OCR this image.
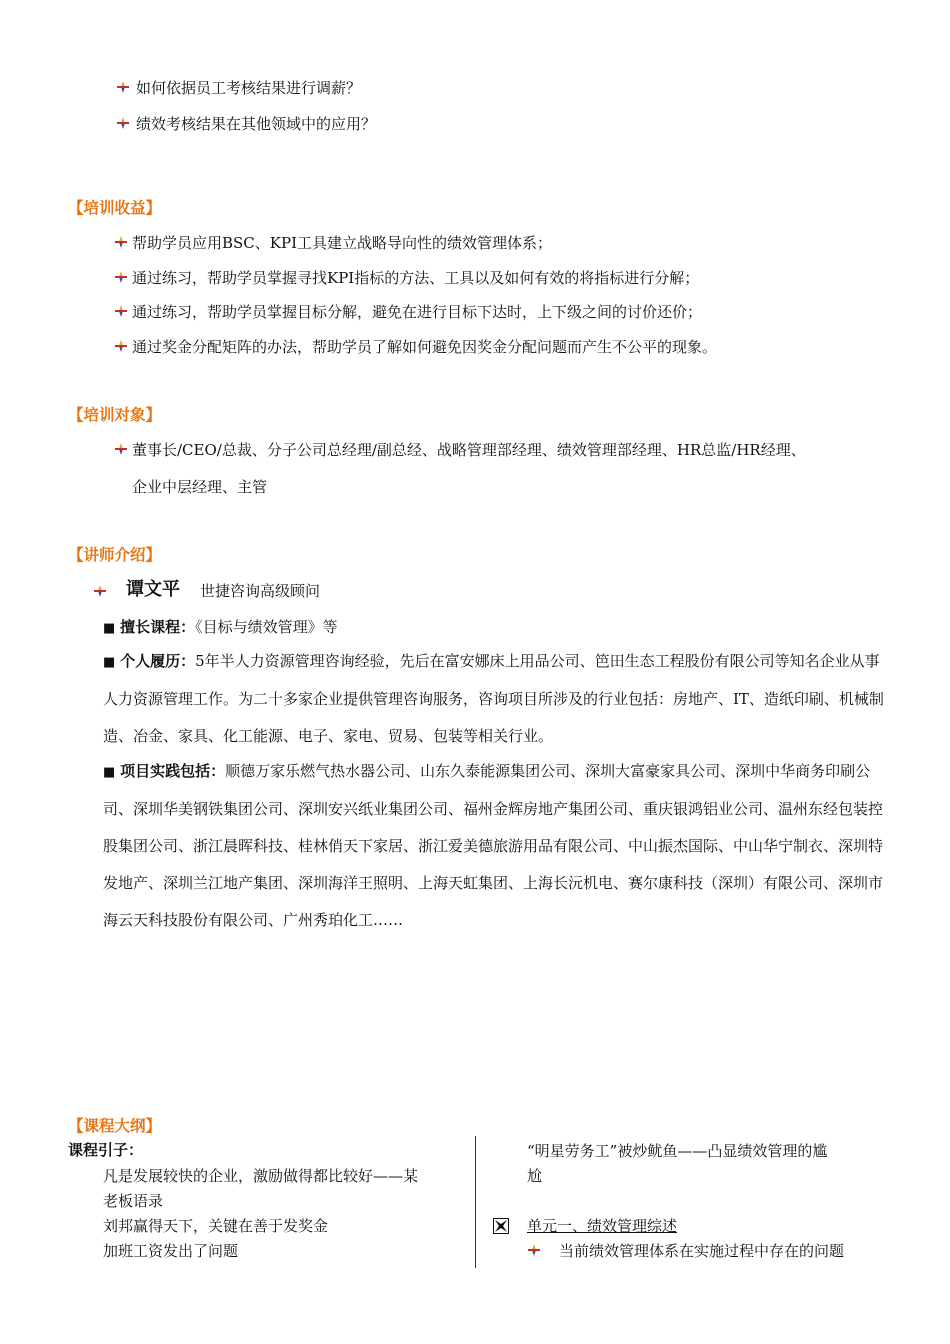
如何依据员工考核结果进行调薪？
绩效考核结果在其他领域中的应用？
【培训收益】
帮助学员应用BSC、KPI工具建立战略导向性的绩效管理体系；
通过练习，帮助学员掌握寻找KPI指标的方法、工具以及如何有效的将指标进行分解；
通过练习，帮助学员掌握目标分解，避免在进行目标下达时，上下级之间的讨价还价；
通过奖金分配矩阵的办法，帮助学员了解如何避免因奖金分配问题而产生不公平的现象。
【培训对象】
董事长/CEO/总裁、分子公司总经理/副总经、战略管理部经理、绩效管理部经理、HR总监/HR经理、
企业中层经理、主管
【讲师介绍】
谭文平 世捷咨询高级顾问
■ 擅长课程：《目标与绩效管理》等
■ 个人履历：5年半人力资源管理咨询经验，先后在富安娜床上用品公司、笆田生态工程股份有限公司等知名企业从事人力资源管理工作。为二十多家企业提供管理咨询服务，咨询项目所涉及的行业包括：房地产、IT、造纸印刷、机械制造、冶金、家具、化工能源、电子、家电、贸易、包装等相关行业。
■ 项目实践包括：顺德万家乐燃气热水器公司、山东久泰能源集团公司、深圳大富豪家具公司、深圳中华商务印刷公司、深圳华美钢铁集团公司、深圳安兴纸业集团公司、福州金辉房地产集团公司、重庆银鸿铝业公司、温州东经包装控股集团公司、浙江晨晖科技、桂林俏天下家居、浙江爱美德旅游用品有限公司、中山振杰国际、中山华宁制衣、深圳特发地产、深圳兰江地产集团、深圳海洋王照明、上海天虹集团、上海长沅机电、赛尔康科技（深圳）有限公司、深圳市海云天科技股份有限公司、广州秀珀化工……
【课程大纲】
课程引子：
凡是发展较快的企业，激励做得都比较好——某
老板语录
刘邦赢得天下，关键在善于发奖金
加班工资发出了问题
“明星劳务工”被炒鱿鱼——凸显绩效管理的尴
尬
单元一、绩效管理综述
当前绩效管理体系在实施过程中存在的问题
